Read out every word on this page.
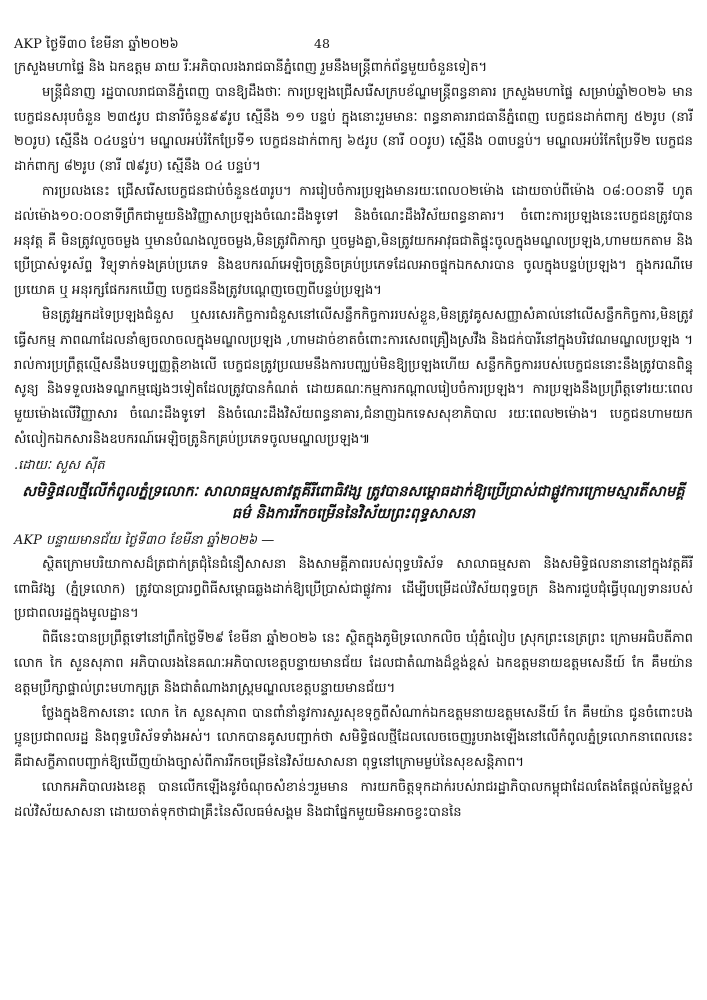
AKP ថ្ងៃទី៣០ ខែមីនា ឆ្នាំ២០២៦	48

ក្រសួងមហាផ្ទៃ និង ឯកឧត្តម ឆាយ រីៈអភិបាលរងរាជធានីភ្នំពេញ រួមនឹងមន្ត្រីពាក់ព័ន្ធមួយចំនួនទៀត។

មន្ត្រីជំនាញ រដ្ឋបាលរាជធានីភ្នំពេញ បានឱ្យដឹងថាៈ ការប្រឡងជ្រើសរើសក្របខ័ណ្ឌមន្ត្រីពន្ធនាគារ ក្រសួងមហាផ្ទៃ សម្រាប់ឆ្នាំ២០២៦ មានបេក្ខជនសរុបចំនួន ២៣៥រូប ជានារីចំនួន៩៩រូប ស្មើនឹង ១១ បន្ទប់ ក្នុងនោះរួមមានៈ ពន្ធនាគាររាជធានីភ្នំពេញ បេក្ខជនដាក់ពាក្យ ៥២រូប (នារី ២០រូប) ស្មើនឹង ០៤បន្ទប់។ មណ្ឌលអប់រំកែប្រែទី១ បេក្ខជនដាក់ពាក្យ ៦៥រូប (នារី ០០រូប) ស្មើនឹង ០៣បន្ទប់។ មណ្ឌលអប់រំកែប្រែទី២ បេក្ខជនដាក់ពាក្យ ៨២រូប (នារី ៧៩រូប) ស្មើនឹង ០៤ បន្ទប់។

ការប្រលងនេះ ជ្រើសរើសបេក្ខជនជាប់ចំនួន៥៣រូប។ ការរៀបចំការប្រឡងមានរយៈពេល០២ម៉ោង ដោយចាប់ពីម៉ោង ០៨:០០នាទី ហូតដល់ម៉ោង១០:០០នាទីព្រឹកជាមួយនិងវិញ្ញាសាប្រឡងចំណេះដឹងទូទៅ និងចំណេះដឹងវិស័យពន្ធនាគារ។ ចំពោះការប្រឡងនេះបេក្ខជនត្រូវបានអនុវត្ត គឺ មិនត្រូវលួចចម្លង ឬមានបំណងលួចចម្លង,មិនត្រូវពិភាក្សា ឬចម្លងគ្នា,មិនត្រូវយកអាវុធជាតិផ្ទុះចូលក្នុងមណ្ឌលប្រឡង,ហាមយកតាម និងប្រើប្រាស់ទូរស័ព្ទ វិទ្យុទាក់ទងគ្រប់ប្រភេទ និងឧបករណ៍អេឡិចត្រូនិចគ្រប់ប្រភេទដែលអាចផ្ទុកឯកសារបាន ចូលក្នុងបន្ទប់ប្រឡង។ ក្នុងករណីមេប្រយោគ ឬ អនុរក្សផែករកឃើញ បេក្ខជននឹងត្រូវបណ្តេញចេញពីបន្ទប់ប្រឡង។

មិនត្រូវអ្នកដទៃប្រឡងជំនួស ឬសរសេរកិច្ចការជំនួសនៅលើសន្លឹកកិច្ចការរបស់ខ្លួន,មិនត្រូវគូសសញ្ញាសំគាល់នៅលើសន្លឹកកិច្ចការ,មិនត្រូវធ្វើសកម្ម ភាពណាដែលនាំឲ្យចលាចលក្នុងមណ្ឌលប្រឡង ,ហាមដាច់ខាតចំពោះការសេពគ្រឿងស្រវឹង និងជក់បារីនៅក្នុងបរិវេណមណ្ឌលប្រឡង ។ រាល់ការប្រព្រឹត្តល្មើសនឹងបទប្បញ្ញត្តិខាងលើ បេក្ខជនត្រូវប្រឈមនឹងការបញ្ឈប់មិនឱ្យប្រឡងហើយ សន្លឹកកិច្ចការរបស់បេក្ខជននោះនឹងត្រូវបានពិន្ទុសូន្យ និងទទួលរងទណ្ឌកម្មផ្សេងៗទៀតដែលត្រូវបានកំណត់ ដោយគណៈកម្មការកណ្តាលរៀបចំការប្រឡង។ ការប្រឡងនឹងប្រព្រឹត្តទៅរយៈពេលមួយម៉ោងលើវិញ្ញាសារ ចំណេះដឹងទូទៅ និងចំណេះដឹងវិស័យពន្ធនាគារ,ជំនាញឯកទេសសុខាភិបាល រយៈពេល២ម៉ោង។ បេក្ខជនហាមយកសំលៀកឯកសារនិងឧបករណ៍អេឡិចត្រូនិកគ្រប់ប្រភេទចូលមណ្ឌលប្រឡង៕

.ដោយៈ សួស ស៊ីត
សមិទ្ធិផលថ្មីលើកំពូលភ្នំទ្រលោកៈ សាលាធម្មសតាវត្តគីរីពោធិវង្ស ត្រូវបានសម្ពោធដាក់ឱ្យប្រើប្រាស់ជាផ្លូវការក្រោមស្មារតីសាមគ្គីធម៌ និងការរីកចម្រើននៃវិស័យព្រះពុទ្ធសាសនា
AKP បន្ទាយមានជ័យ ថ្ងៃទី៣០ ខែមីនា ឆ្នាំ២០២៦ —

ស្ថិតក្រោមបរិយាកាសដ៏ត្រជាក់ត្រជុំនៃជំនឿសាសនា និងសាមគ្គីភាពរបស់ពុទ្ធបរិស័ទ សាលាធម្មសតា និងសមិទ្ធិផលនានានៅក្នុងវត្តគីរីពោធិវង្ស (ភ្នំទ្រលោក) ត្រូវបានប្រារព្ធពិធីសម្ពោធឆ្លងដាក់ឱ្យប្រើប្រាស់ជាផ្លូវការ ដើម្បីបម្រើដល់វិស័យពុទ្ធចក្រ និងការជួបជុំធ្វើបុណ្យទានរបស់ប្រជាពលរដ្ឋក្នុងមូលដ្ឋាន។

ពិធីនេះបានប្រព្រឹត្តទៅនៅព្រឹកថ្ងៃទី២៩ ខែមីនា ឆ្នាំ២០២៦ នេះ ស្ថិតក្នុងភូមិទ្រលោកលិច ឃុំភ្នំលៀប ស្រុកព្រះនេត្រព្រះ ក្រោមអធិបតីភាពលោក កៃ សួនសុភាព អភិបាលរងនៃគណៈអភិបាលខេត្តបន្ទាយមានជ័យ ដែលជាតំណាងដ៏ខ្ពង់ខ្ពស់ ឯកឧត្តមនាយឧត្តមសេនីយ៍ កែ គឹមយ៉ាន ឧត្តមប្រឹក្សាផ្ទាល់ព្រះមហាក្សត្រ និងជាតំណាងរាស្ត្រមណ្ឌលខេត្តបន្ទាយមានជ័យ។

ថ្លែងក្នុងឱកាសនោះ លោក កៃ សួនសុភាព បានពាំនាំនូវការសួរសុខទុក្ខពីសំណាក់ឯកឧត្តមនាយឧត្តមសេនីយ៍ កែ គឹមយ៉ាន ជូនចំពោះបងប្អូនប្រជាពលរដ្ឋ និងពុទ្ធបរិស័ទទាំងអស់។ លោកបានគូសបញ្ជាក់ថា សមិទ្ធិផលថ្មីដែលលេចចេញរូបរាងឡើងនៅលើកំពូលភ្នំទ្រលោកនាពេលនេះ គឺជាសក្ខីភាពបញ្ជាក់ឱ្យឃើញយ៉ាងច្បាស់ពីការរីកចម្រើននៃវិស័យសាសនា ពុទ្ធនៅក្រោមម្លប់នៃសុខសន្តិភាព។

លោកអភិបាលរងខេត្ត បានលើកឡើងនូវចំណុចសំខាន់ៗរួមមាន ការយកចិត្តទុកដាក់របស់រាជរដ្ឋាភិបាលកម្ពុជាដែលតែងតែផ្តល់តម្លៃខ្ពស់ដល់វិស័យសាសនា ដោយចាត់ទុកថាជាគ្រឹះនៃសីលធម៌សង្គម និងជាផ្នែកមួយមិនអាចខ្វះបាននៃ
